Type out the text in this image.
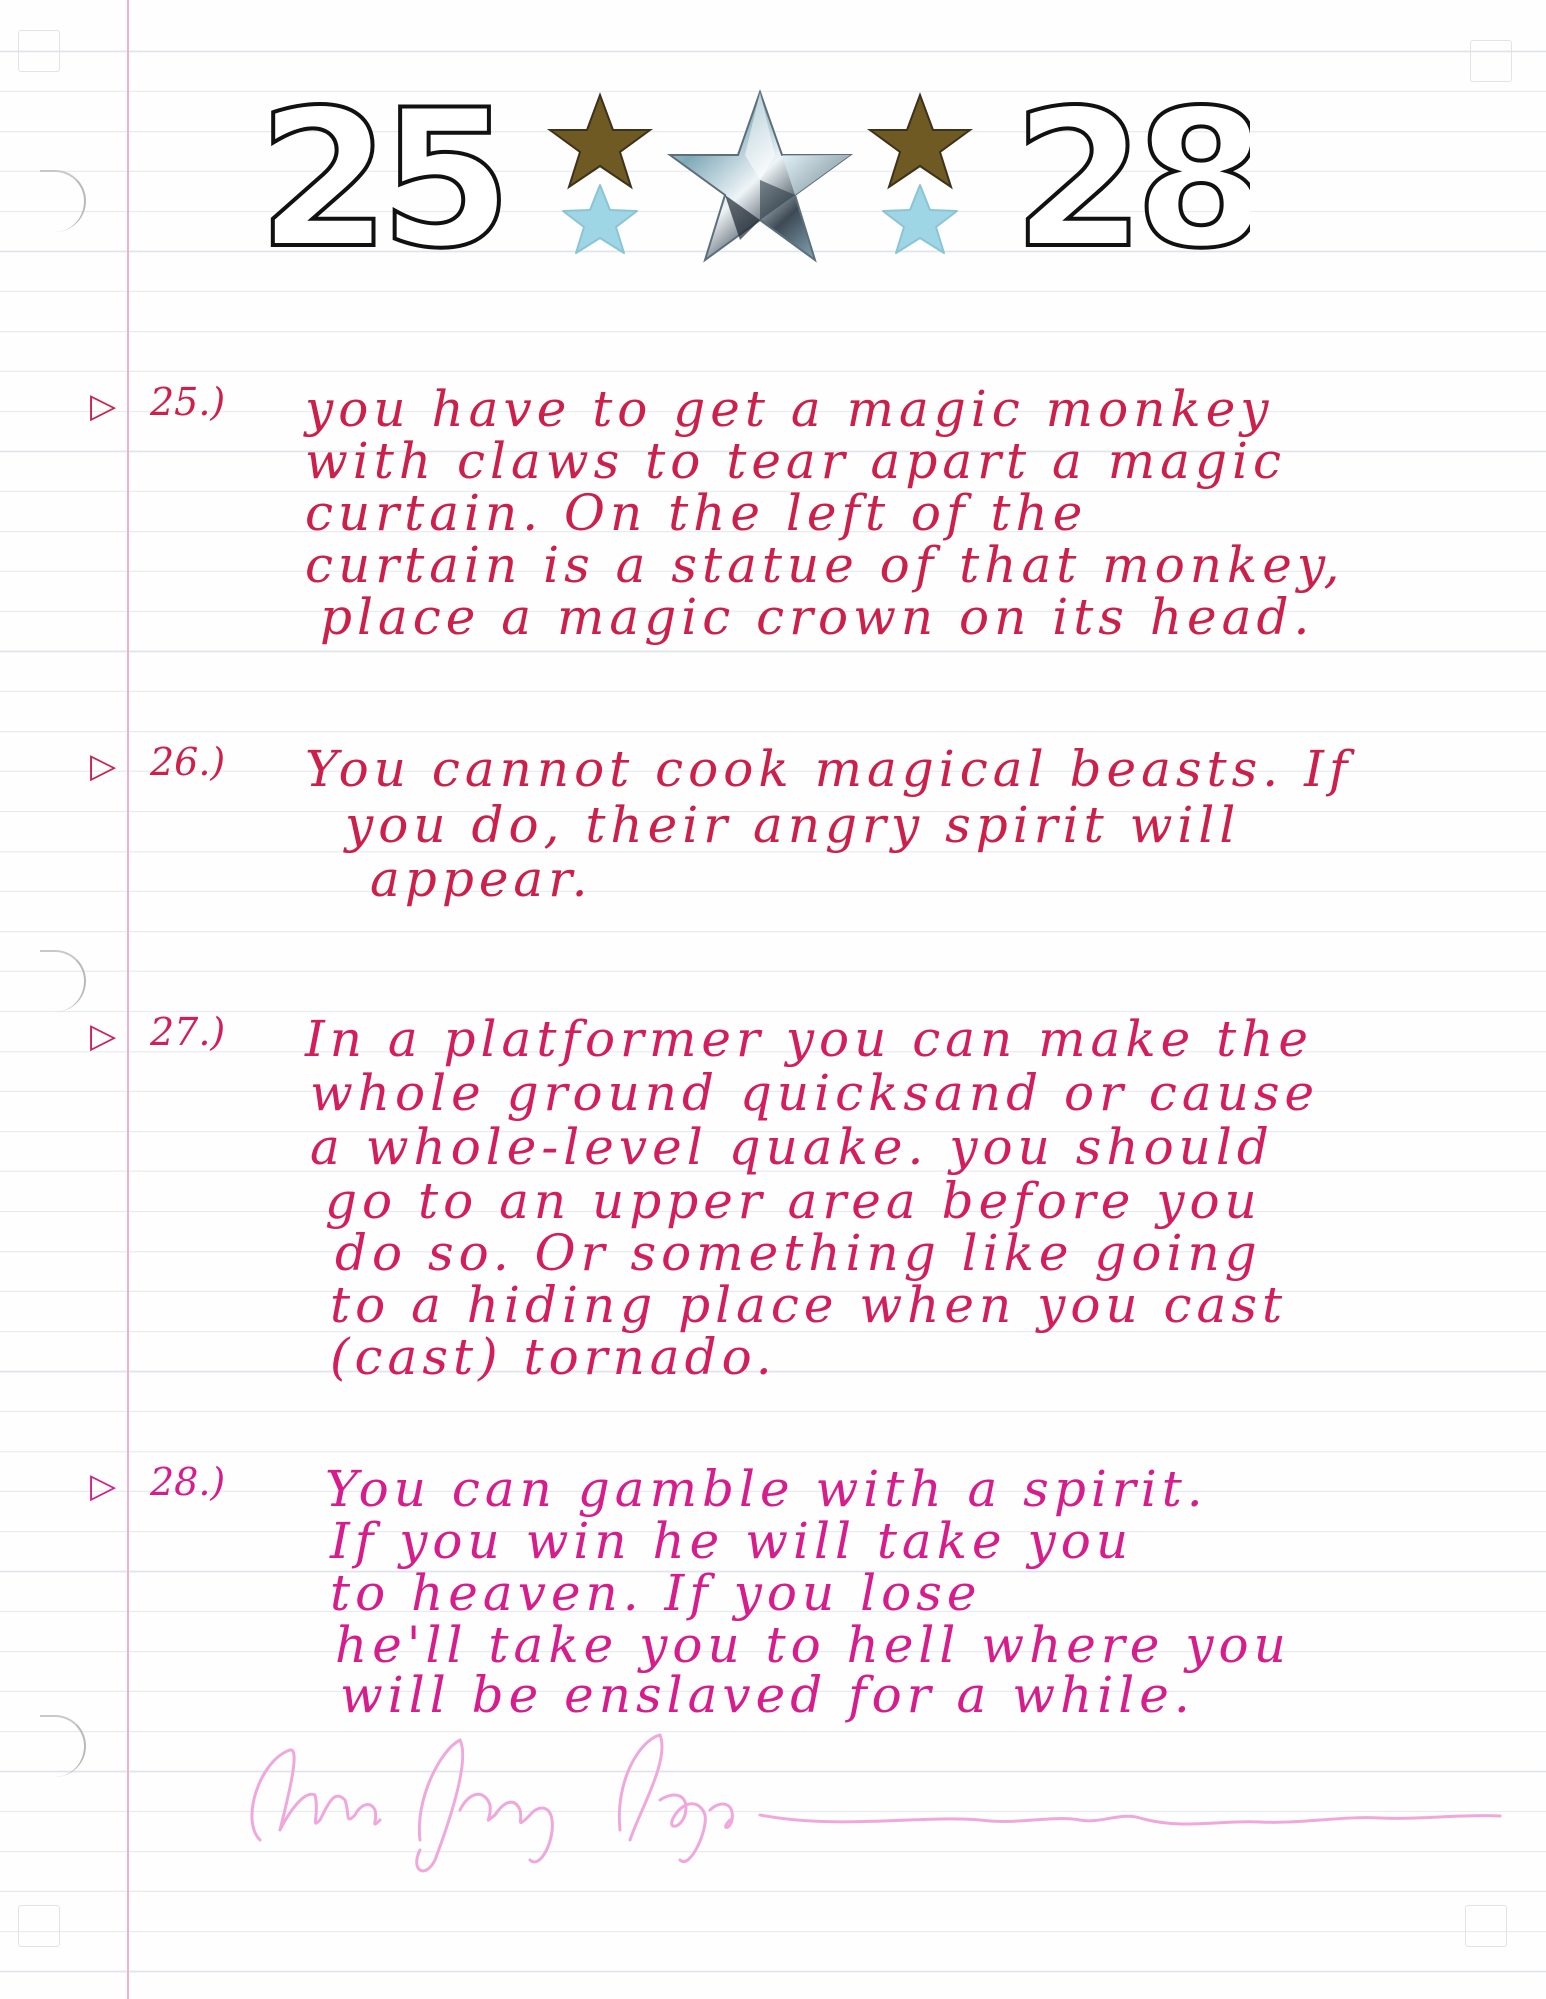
25	28
▷ 25.) you have to get a magic monkey
with claws to tear apart a magic
curtain. On the left of the
curtain is a statue of that monkey,
place a magic crown on its head.
▷ 26.) You cannot cook magical beasts. If
you do, their angry spirit will
appear.
▷ 27.) In a platformer you can make the
whole ground quicksand or cause
a whole-level quake. you should
go to an upper area before you
do so. Or something like going
to a hiding place when you cast
(cast) tornado.
▷ 28.) You can gamble with a spirit.
If you win he will take you
to heaven. If you lose
he'll take you to hell where you
will be enslaved for a while.
